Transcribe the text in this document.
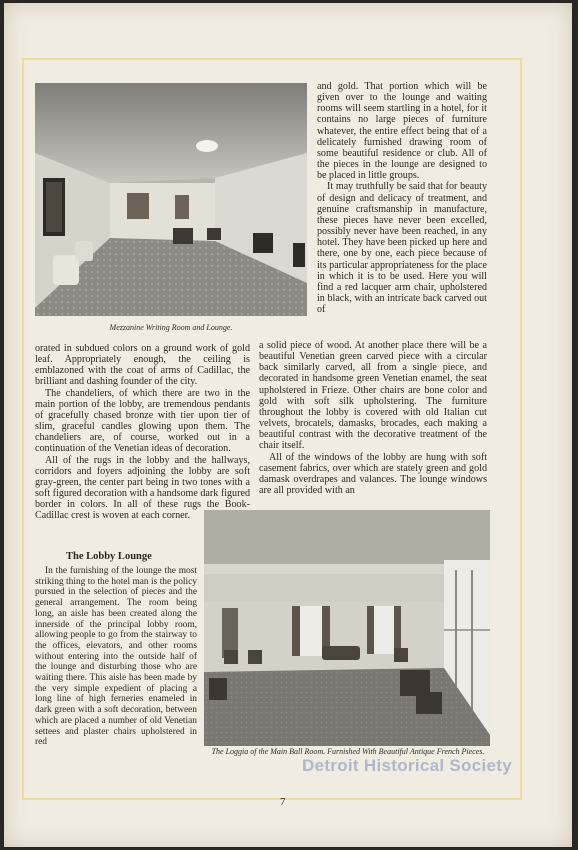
Mezzanine Writing Room and Lounge.

and gold. That portion which will be given over to the lounge and waiting rooms will seem startling in a hotel, for it contains no large pieces of furniture whatever, the entire effect being that of a delicately furnished drawing room of some beautiful residence or club. All of the pieces in the lounge are designed to be placed in little groups.

It may truthfully be said that for beauty of design and delicacy of treatment, and genuine craftsmanship in manufacture, these pieces have never been excelled, possibly never have been reached, in any hotel. They have been picked up here and there, one by one, each piece because of its particular appropriateness for the place in which it is to be used. Here you will find a red lacquer arm chair, upholstered in black, with an intricate back carved out of

orated in subdued colors on a ground work of gold leaf. Appropriately enough, the ceiling is emblazoned with the coat of arms of Cadillac, the brilliant and dashing founder of the city.

The chandeliers, of which there are two in the main portion of the lobby, are tremendous pendants of gracefully chased bronze with tier upon tier of slim, graceful candles glowing upon them. The chandeliers are, of course, worked out in a continuation of the Venetian ideas of decoration.

All of the rugs in the lobby and the hallways, corridors and foyers adjoining the lobby are soft gray-green, the center part being in two tones with a soft figured decoration with a handsome dark figured border in colors. In all of these rugs the Book-Cadillac crest is woven at each corner.

The Lobby Lounge

In the furnishing of the lounge the most striking thing to the hotel man is the policy pursued in the selection of pieces and the general arrangement. The room being long, an aisle has been created along the innerside of the principal lobby room, allowing people to go from the stairway to the offices, elevators, and other rooms without entering into the outside half of the lounge and disturbing those who are waiting there. This aisle has been made by the very simple expedient of placing a long line of high ferneries enameled in dark green with a soft decoration, between which are placed a number of old Venetian settees and plaster chairs upholstered in red

a solid piece of wood. At another place there will be a beautiful Venetian green carved piece with a circular back similarly carved, all from a single piece, and decorated in handsome green Venetian enamel, the seat upholstered in Frieze. Other chairs are bone color and gold with soft silk upholstering. The furniture throughout the lobby is covered with old Italian cut velvets, brocatels, damasks, brocades, each making a beautiful contrast with the decorative treatment of the chair itself.

All of the windows of the lobby are hung with soft casement fabrics, over which are stately green and gold damask overdrapes and valances. The lounge windows are all provided with an

The Loggia of the Main Ball Room. Furnished With Beautiful Antique French Pieces.
7
Detroit Historical Society
